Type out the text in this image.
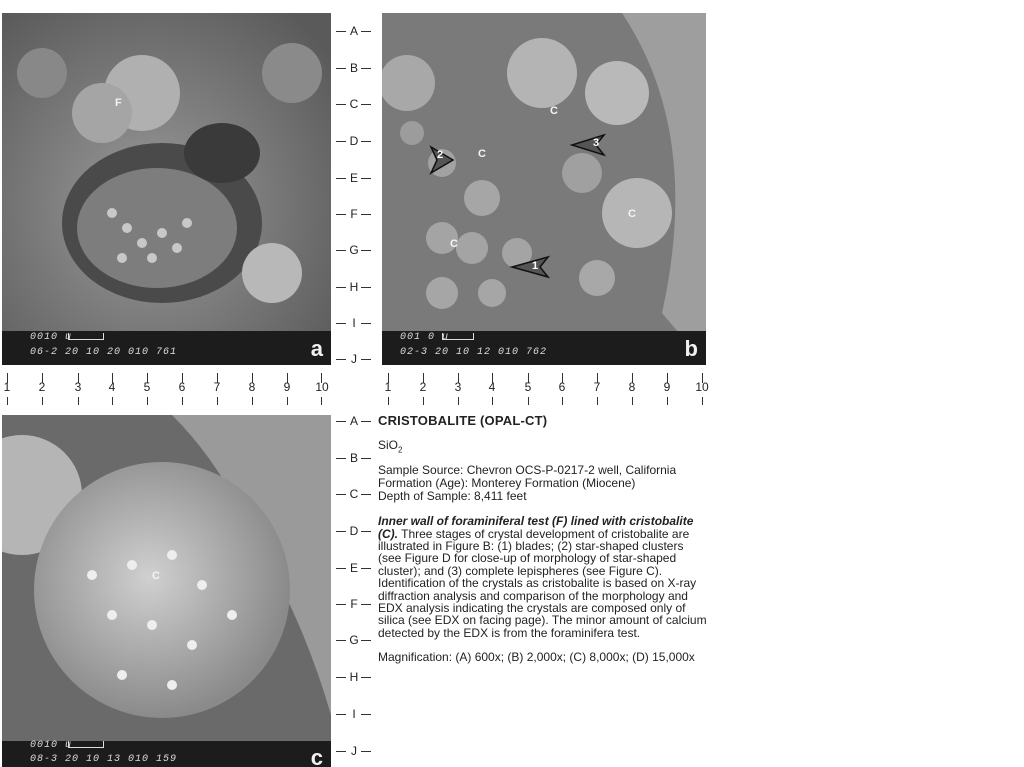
F
0010 u
06-2 20 10 20 010 761	a
C
C
C
C
2
3
1
001 0 u
02-3 20 10 12 010 762	b
C
0010 u
08-3 20 10 13 010 159	c
A
B
C
D
E
F
G
H
I
J
A
B
C
D
E
F
G
H
I
J
1	2	3	4	5	6	7	8	9	10	1	2	3	4	5	6	7	8	9	10
CRISTOBALITE (OPAL-CT)
SiO$_2$
Sample Source: Chevron OCS-P-0217-2 well, California
Formation (Age): Monterey Formation (Miocene)
Depth of Sample: 8,411 feet
Inner wall of foraminiferal test (F) lined with cristobalite (C). Three stages of crystal development of cristobalite are illustrated in Figure B: (1) blades; (2) star-shaped clusters (see Figure D for close-up of morphology of star-shaped cluster); and (3) complete lepispheres (see Figure C). Identification of the crystals as cristobalite is based on X-ray diffraction analysis and comparison of the morphology and EDX analysis indicating the crystals are composed only of silica (see EDX on facing page). The minor amount of calcium detected by the EDX is from the foraminifera test.
Magnification: (A) 600x; (B) 2,000x; (C) 8,000x; (D) 15,000x
